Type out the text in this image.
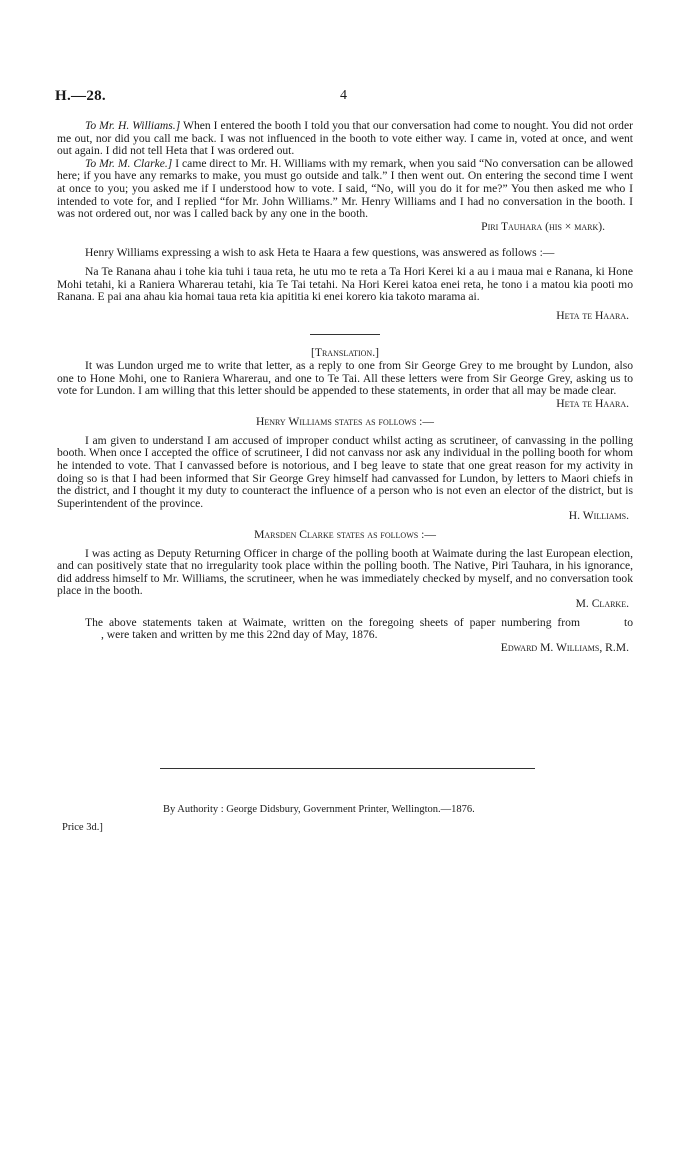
H.—28.	4

To Mr. H. Williams.] When I entered the booth I told you that our conversation had come to nought. You did not order me out, nor did you call me back. I was not influenced in the booth to vote either way. I came in, voted at once, and went out again. I did not tell Heta that I was ordered out.

To Mr. M. Clarke.] I came direct to Mr. H. Williams with my remark, when you said “No conversation can be allowed here; if you have any remarks to make, you must go outside and talk.” I then went out. On entering the second time I went at once to you; you asked me if I understood how to vote. I said, “No, will you do it for me?” You then asked me who I intended to vote for, and I replied “for Mr. John Williams.” Mr. Henry Williams and I had no conversation in the booth. I was not ordered out, nor was I called back by any one in the booth.

Piri Tauhara (his × mark).

Henry Williams expressing a wish to ask Heta te Haara a few questions, was answered as follows :—

Na Te Ranana ahau i tohe kia tuhi i taua reta, he utu mo te reta a Ta Hori Kerei ki a au i maua mai e Ranana, ki Hone Mohi tetahi, ki a Raniera Wharerau tetahi, kia Te Tai tetahi. Na Hori Kerei katoa enei reta, he tono i a matou kia pooti mo Ranana. E pai ana ahau kia homai taua reta kia apititia ki enei korero kia takoto marama ai.

Heta te Haara.

[Translation.]

It was Lundon urged me to write that letter, as a reply to one from Sir George Grey to me brought by Lundon, also one to Hone Mohi, one to Raniera Wharerau, and one to Te Tai. All these letters were from Sir George Grey, asking us to vote for Lundon. I am willing that this letter should be appended to these statements, in order that all may be made clear.

Heta te Haara.

Henry Williams states as follows :—

I am given to understand I am accused of improper conduct whilst acting as scrutineer, of canvassing in the polling booth. When once I accepted the office of scrutineer, I did not canvass nor ask any individual in the polling booth for whom he intended to vote. That I canvassed before is notorious, and I beg leave to state that one great reason for my activity in doing so is that I had been informed that Sir George Grey himself had canvassed for Lundon, by letters to Maori chiefs in the district, and I thought it my duty to counteract the influence of a person who is not even an elector of the district, but is Superintendent of the province.

H. Williams.

Marsden Clarke states as follows :—

I was acting as Deputy Returning Officer in charge of the polling booth at Waimate during the last European election, and can positively state that no irregularity took place within the polling booth. The Native, Piri Tauhara, in his ignorance, did address himself to Mr. Williams, the scrutineer, when he was immediately checked by myself, and no conversation took place in the booth.

M. Clarke.

The above statements taken at Waimate, written on the foregoing sheets of paper numbering from	to, were taken and written by me this 22nd day of May, 1876.

Edward M. Williams, R.M.

By Authority : George Didsbury, Government Printer, Wellington.—1876.
Price 3d.]
